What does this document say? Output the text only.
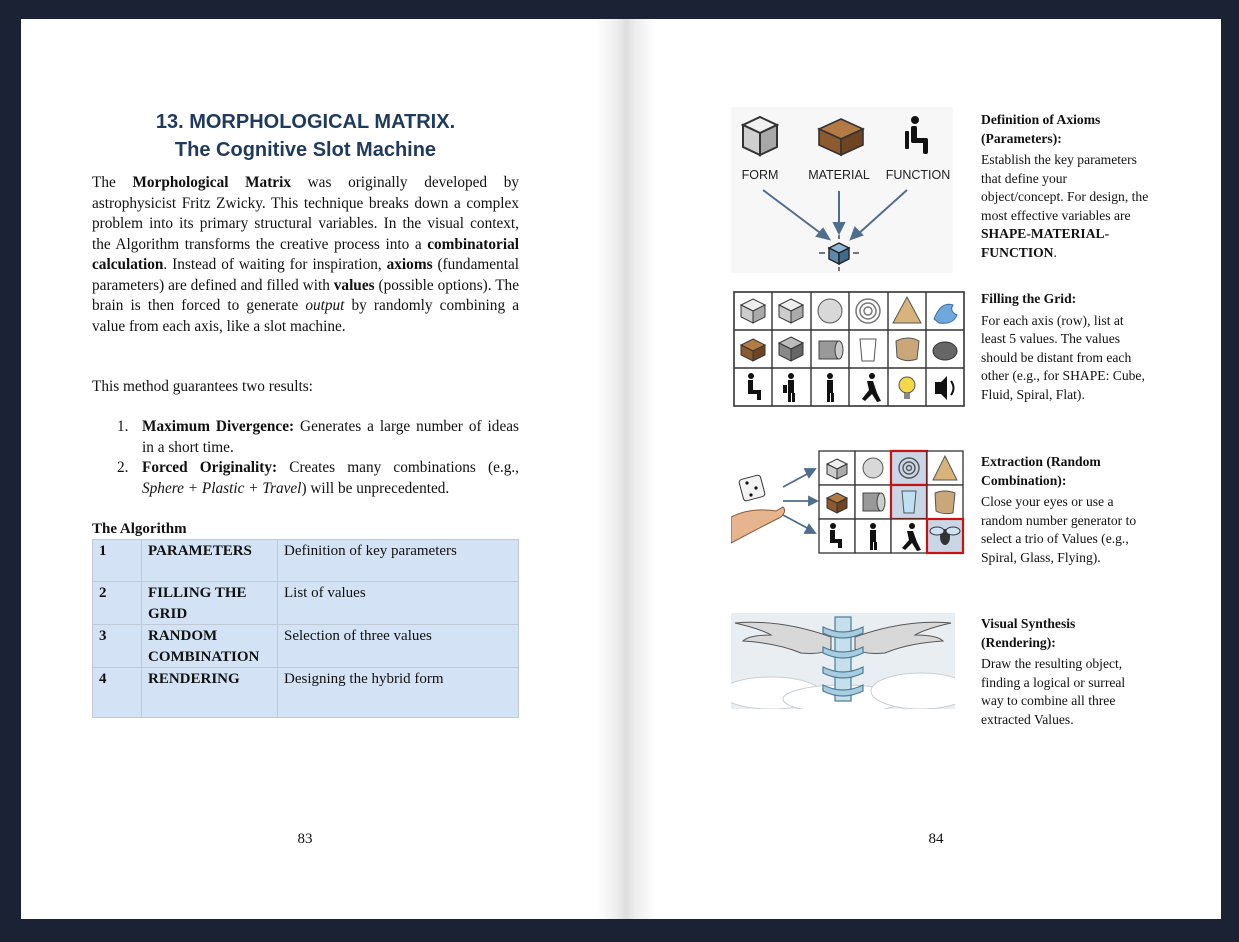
13. MORPHOLOGICAL MATRIX.
The Cognitive Slot Machine

The Morphological Matrix was originally developed by astrophysicist Fritz Zwicky. This technique breaks down a complex problem into its primary structural variables. In the visual context, the Algorithm transforms the creative process into a combinatorial calculation. Instead of waiting for inspiration, axioms (fundamental parameters) are defined and filled with values (possible options). The brain is then forced to generate output by randomly combining a value from each axis, like a slot machine.

This method guarantees two results:

1. Maximum Divergence: Generates a large number of ideas in a short time.
2. Forced Originality: Creates many combinations (e.g., Sphere + Plastic + Travel) will be unprecedented.
The Algorithm
1	PARAMETERS	Definition of key parameters
2	FILLING THE GRID	List of values
3	RANDOM COMBINATION	Selection of three values
4	RENDERING	Designing the hybrid form
83
FORM MATERIAL FUNCTION
Definition of Axioms (Parameters):
Establish the key parameters that define your object/concept. For design, the most effective variables are SHAPE-MATERIAL-FUNCTION.
Filling the Grid:
For each axis (row), list at least 5 values. The values should be distant from each other (e.g., for SHAPE: Cube, Fluid, Spiral, Flat).
Extraction (Random Combination):
Close your eyes or use a random number generator to select a trio of Values (e.g., Spiral, Glass, Flying).
Visual Synthesis (Rendering):
Draw the resulting object, finding a logical or surreal way to combine all three extracted Values.
84
